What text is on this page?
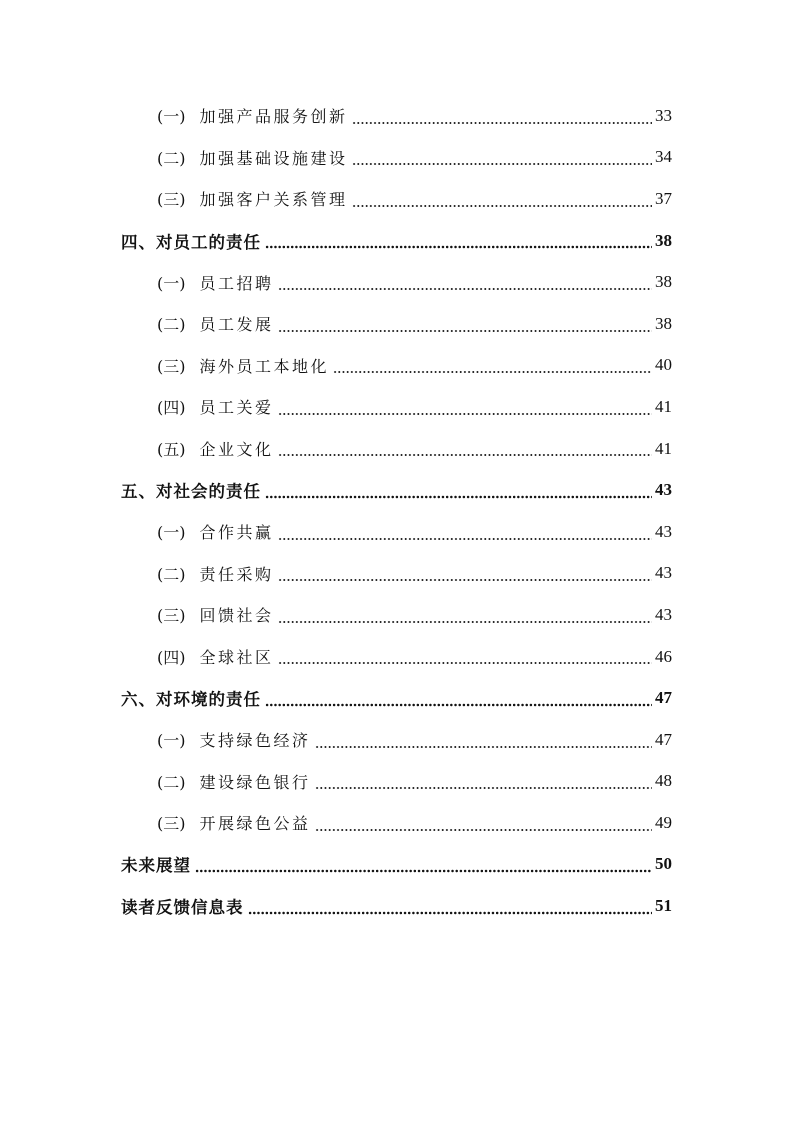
(一) 加强产品服务创新	33
(二) 加强基础设施建设	34
(三) 加强客户关系管理	37
四、对员工的责任	38
(一) 员工招聘	38
(二) 员工发展	38
(三) 海外员工本地化	40
(四) 员工关爱	41
(五) 企业文化	41
五、对社会的责任	43
(一) 合作共赢	43
(二) 责任采购	43
(三) 回馈社会	43
(四) 全球社区	46
六、对环境的责任	47
(一) 支持绿色经济	47
(二) 建设绿色银行	48
(三) 开展绿色公益	49
未来展望	50
读者反馈信息表	51
